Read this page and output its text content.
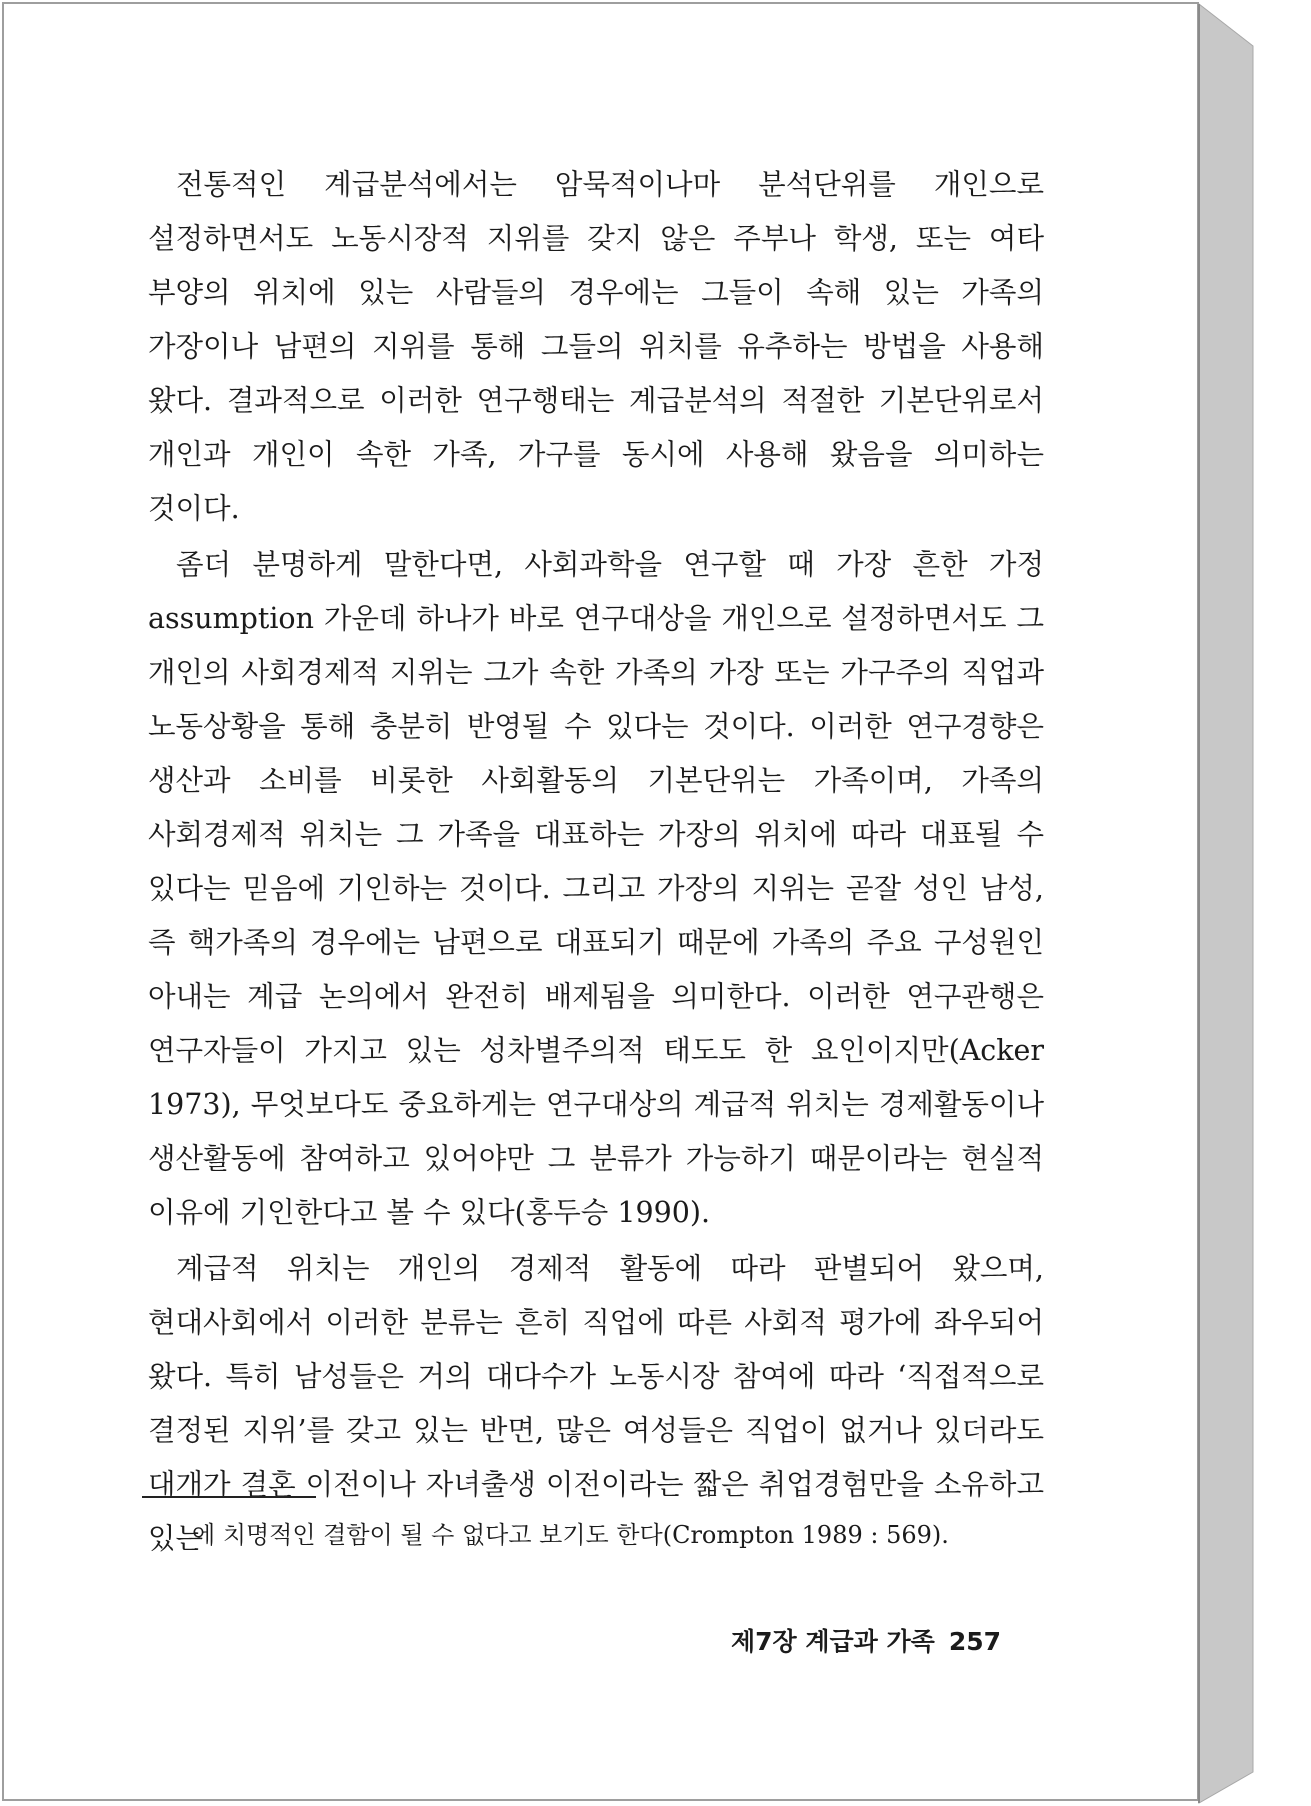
전통적인 계급분석에서는 암묵적이나마 분석단위를 개인으로 설정하면서도 노동시장적 지위를 갖지 않은 주부나 학생, 또는 여타 부양의 위치에 있는 사람들의 경우에는 그들이 속해 있는 가족의 가장이나 남편의 지위를 통해 그들의 위치를 유추하는 방법을 사용해 왔다. 결과적으로 이러한 연구행태는 계급분석의 적절한 기본단위로서 개인과 개인이 속한 가족, 가구를 동시에 사용해 왔음을 의미하는 것이다.

좀더 분명하게 말한다면, 사회과학을 연구할 때 가장 흔한 가정 assumption 가운데 하나가 바로 연구대상을 개인으로 설정하면서도 그 개인의 사회경제적 지위는 그가 속한 가족의 가장 또는 가구주의 직업과 노동상황을 통해 충분히 반영될 수 있다는 것이다. 이러한 연구경향은 생산과 소비를 비롯한 사회활동의 기본단위는 가족이며, 가족의 사회경제적 위치는 그 가족을 대표하는 가장의 위치에 따라 대표될 수 있다는 믿음에 기인하는 것이다. 그리고 가장의 지위는 곧잘 성인 남성, 즉 핵가족의 경우에는 남편으로 대표되기 때문에 가족의 주요 구성원인 아내는 계급 논의에서 완전히 배제됨을 의미한다. 이러한 연구관행은 연구자들이 가지고 있는 성차별주의적 태도도 한 요인이지만(Acker 1973), 무엇보다도 중요하게는 연구대상의 계급적 위치는 경제활동이나 생산활동에 참여하고 있어야만 그 분류가 가능하기 때문이라는 현실적 이유에 기인한다고 볼 수 있다(홍두승 1990).

계급적 위치는 개인의 경제적 활동에 따라 판별되어 왔으며, 현대사회에서 이러한 분류는 흔히 직업에 따른 사회적 평가에 좌우되어 왔다. 특히 남성들은 거의 대다수가 노동시장 참여에 따라 ‘직접적으로 결정된 지위’를 갖고 있는 반면, 많은 여성들은 직업이 없거나 있더라도 대개가 결혼 이전이나 자녀출생 이전이라는 짧은 취업경험만을 소유하고 있는

에 치명적인 결함이 될 수 없다고 보기도 한다(Crompton 1989 : 569).
제7장 계급과 가족 257
